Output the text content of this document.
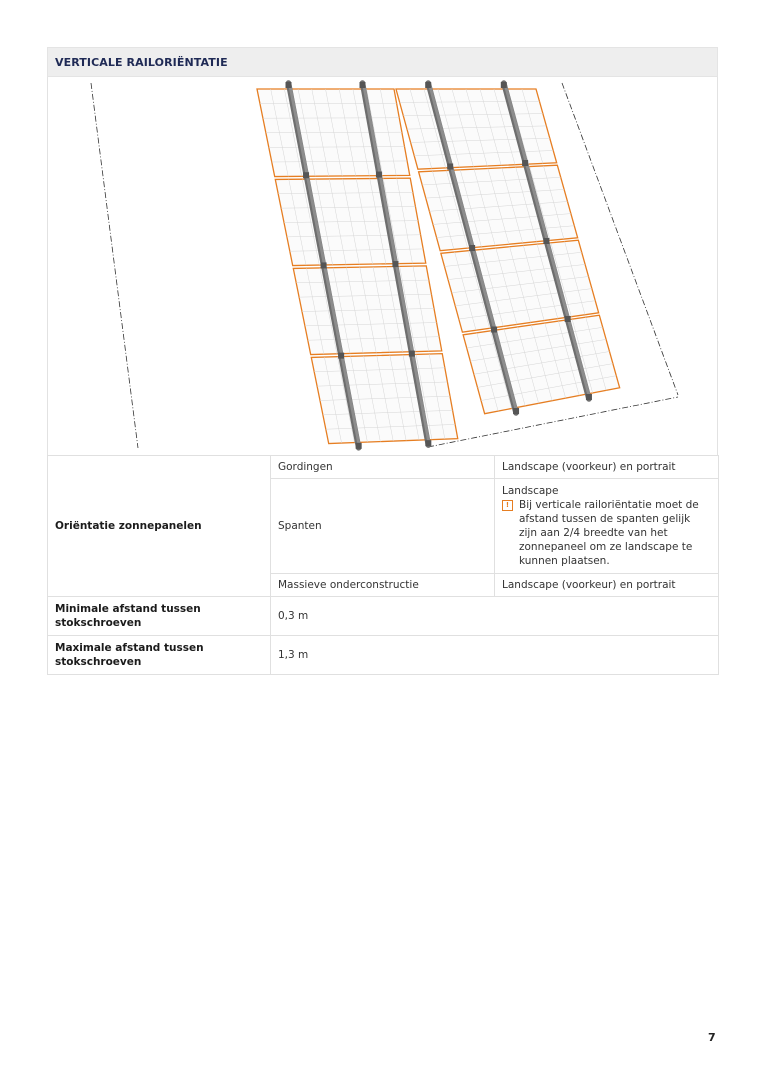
VERTICALE RAILORIËNTATIE
Oriëntatie zonnepanelen	Gordingen	Landscape (voorkeur) en portrait
	Spanten	Landscape
! Bij verticale railoriëntatie moet de afstand tussen de spanten gelijk zijn aan 2/4 breedte van het zonnepaneel om ze landscape te kunnen plaatsen.

	Massieve onderconstructie	Landscape (voorkeur) en portrait
Minimale afstand tussen stokschroeven	0,3 m	
Maximale afstand tussen stokschroeven	1,3 m	
7
